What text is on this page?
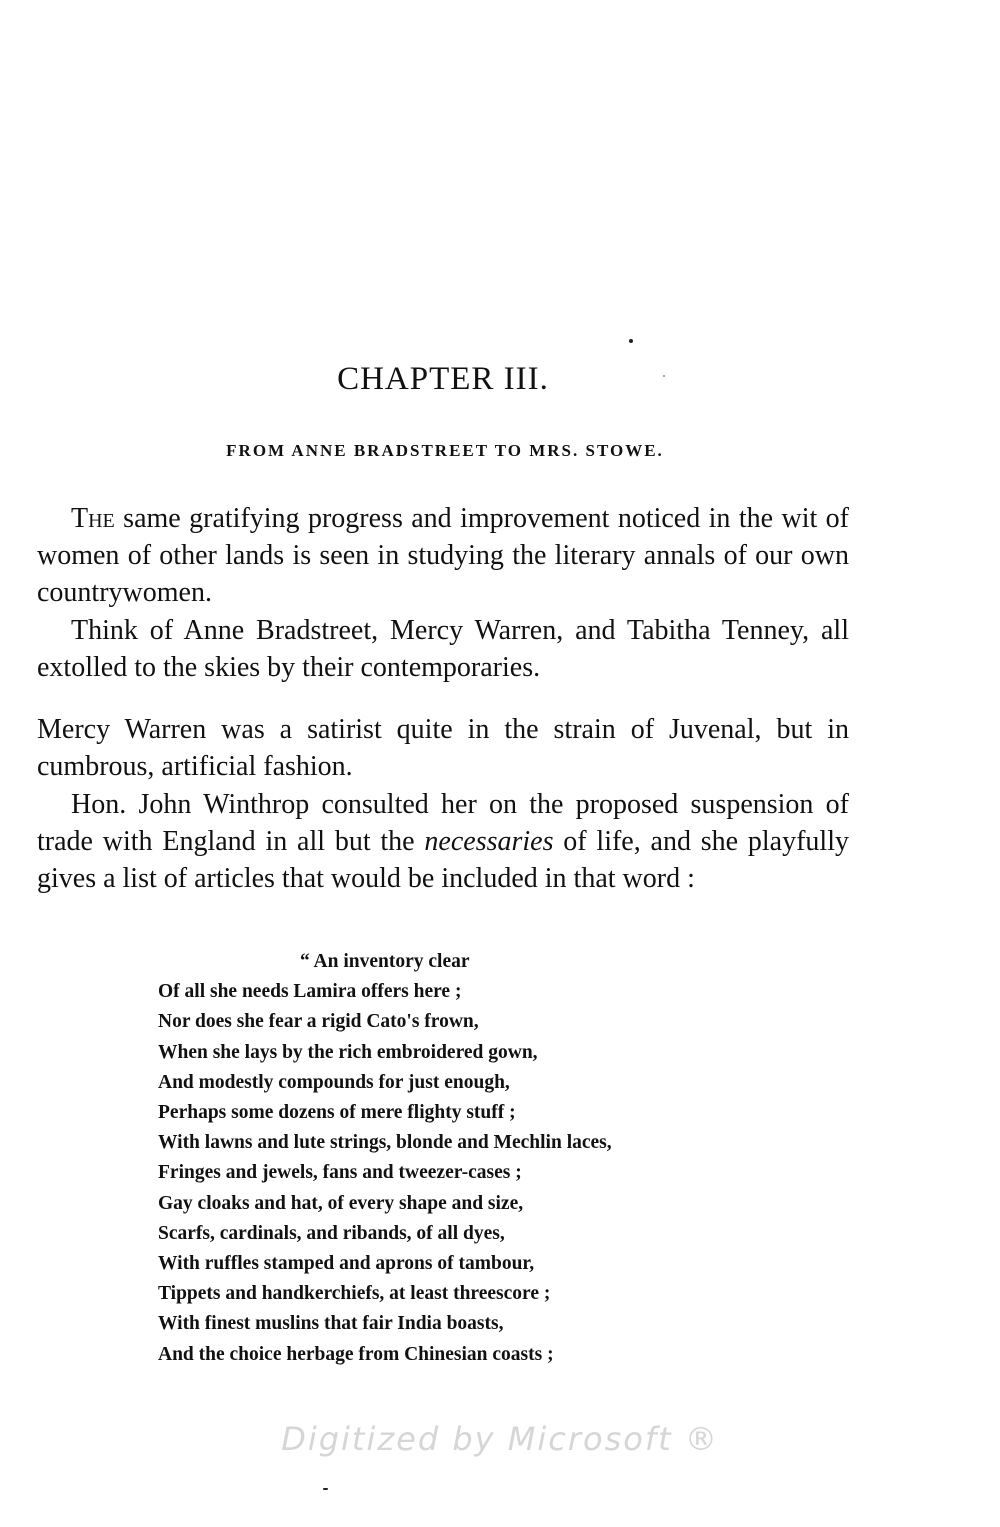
CHAPTER III.
FROM ANNE BRADSTREET TO MRS. STOWE.

The same gratifying progress and improvement noticed in the wit of women of other lands is seen in studying the literary annals of our own countrywomen.

Think of Anne Bradstreet, Mercy Warren, and Tabitha Tenney, all extolled to the skies by their contemporaries.

Mercy Warren was a satirist quite in the strain of Juvenal, but in cumbrous, artificial fashion.

Hon. John Winthrop consulted her on the proposed suspension of trade with England in all but the necessaries of life, and she playfully gives a list of articles that would be included in that word :

“ An inventory clear
Of all she needs Lamira offers here ;
Nor does she fear a rigid Cato's frown,
When she lays by the rich embroidered gown,
And modestly compounds for just enough,
Perhaps some dozens of mere flighty stuff ;
With lawns and lute strings, blonde and Mechlin laces,
Fringes and jewels, fans and tweezer-cases ;
Gay cloaks and hat, of every shape and size,
Scarfs, cardinals, and ribands, of all dyes,
With ruffles stamped and aprons of tambour,
Tippets and handkerchiefs, at least threescore ;
With finest muslins that fair India boasts,
And the choice herbage from Chinesian coasts ;
Digitized by Microsoft ®
